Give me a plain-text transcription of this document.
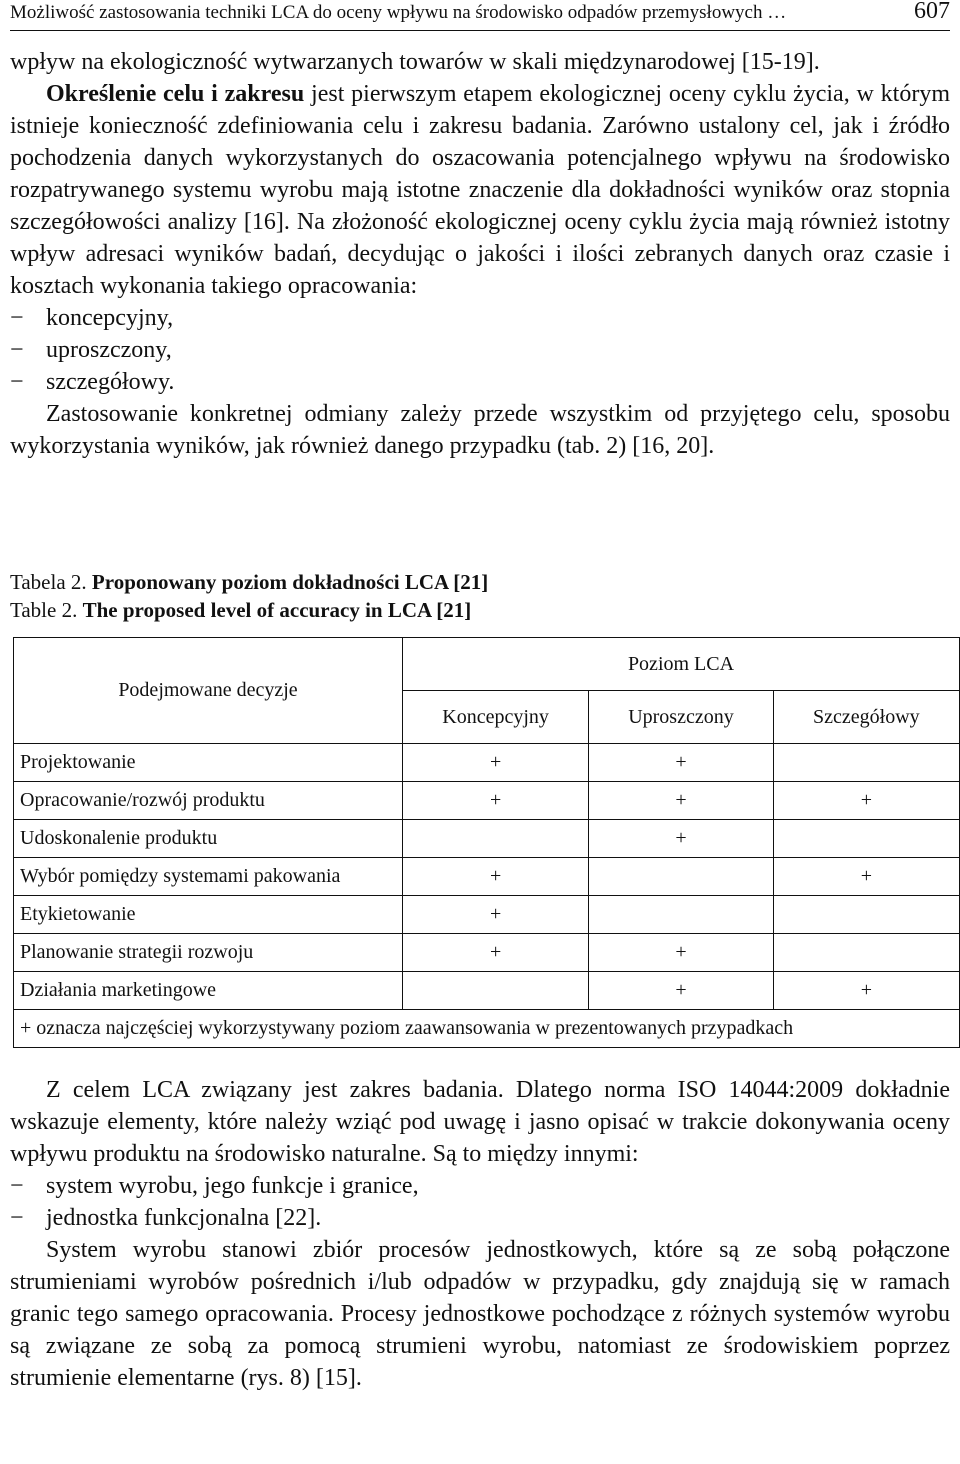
Możliwość zastosowania techniki LCA do oceny wpływu na środowisko odpadów przemysłowych …	607

wpływ na ekologiczność wytwarzanych towarów w skali międzynarodowej [15-19].

Określenie celu i zakresu jest pierwszym etapem ekologicznej oceny cyklu życia, w którym istnieje konieczność zdefiniowania celu i zakresu badania. Zarówno ustalony cel, jak i źródło pochodzenia danych wykorzystanych do oszacowania potencjalnego wpływu na środowisko rozpatrywanego systemu wyrobu mają istotne znaczenie dla dokładności wyników oraz stopnia szczegółowości analizy [16]. Na złożoność ekologicznej oceny cyklu życia mają również istotny wpływ adresaci wyników badań, decydując o jakości i ilości zebranych danych oraz czasie i kosztach wykonania takiego opracowania:

− koncepcyjny,
− uproszczony,
− szczegółowy.

Zastosowanie konkretnej odmiany zależy przede wszystkim od przyjętego celu, sposobu wykorzystania wyników, jak również danego przypadku (tab. 2) [16, 20].

Tabela 2. Proponowany poziom dokładności LCA [21]
Table 2. The proposed level of accuracy in LCA [21]
Podejmowane decyzje	Poziom LCA		
	Koncepcyjny	Uproszczony	Szczegółowy
Projektowanie	+	+	
Opracowanie/rozwój produktu	+	+	+
Udoskonalenie produktu		+	
Wybór pomiędzy systemami pakowania	+		+
Etykietowanie	+		
Planowanie strategii rozwoju	+	+	
Działania marketingowe		+	+
+ oznacza najczęściej wykorzystywany poziom zaawansowania w prezentowanych przypadkach			

Z celem LCA związany jest zakres badania. Dlatego norma ISO 14044:2009 dokładnie wskazuje elementy, które należy wziąć pod uwagę i jasno opisać w trakcie dokonywania oceny wpływu produktu na środowisko naturalne. Są to między innymi:

− system wyrobu, jego funkcje i granice,
− jednostka funkcjonalna [22].

System wyrobu stanowi zbiór procesów jednostkowych, które są ze sobą połączone strumieniami wyrobów pośrednich i/lub odpadów w przypadku, gdy znajdują się w ramach granic tego samego opracowania. Procesy jednostkowe pochodzące z różnych systemów wyrobu są związane ze sobą za pomocą strumieni wyrobu, natomiast ze środowiskiem poprzez strumienie elementarne (rys. 8) [15].
